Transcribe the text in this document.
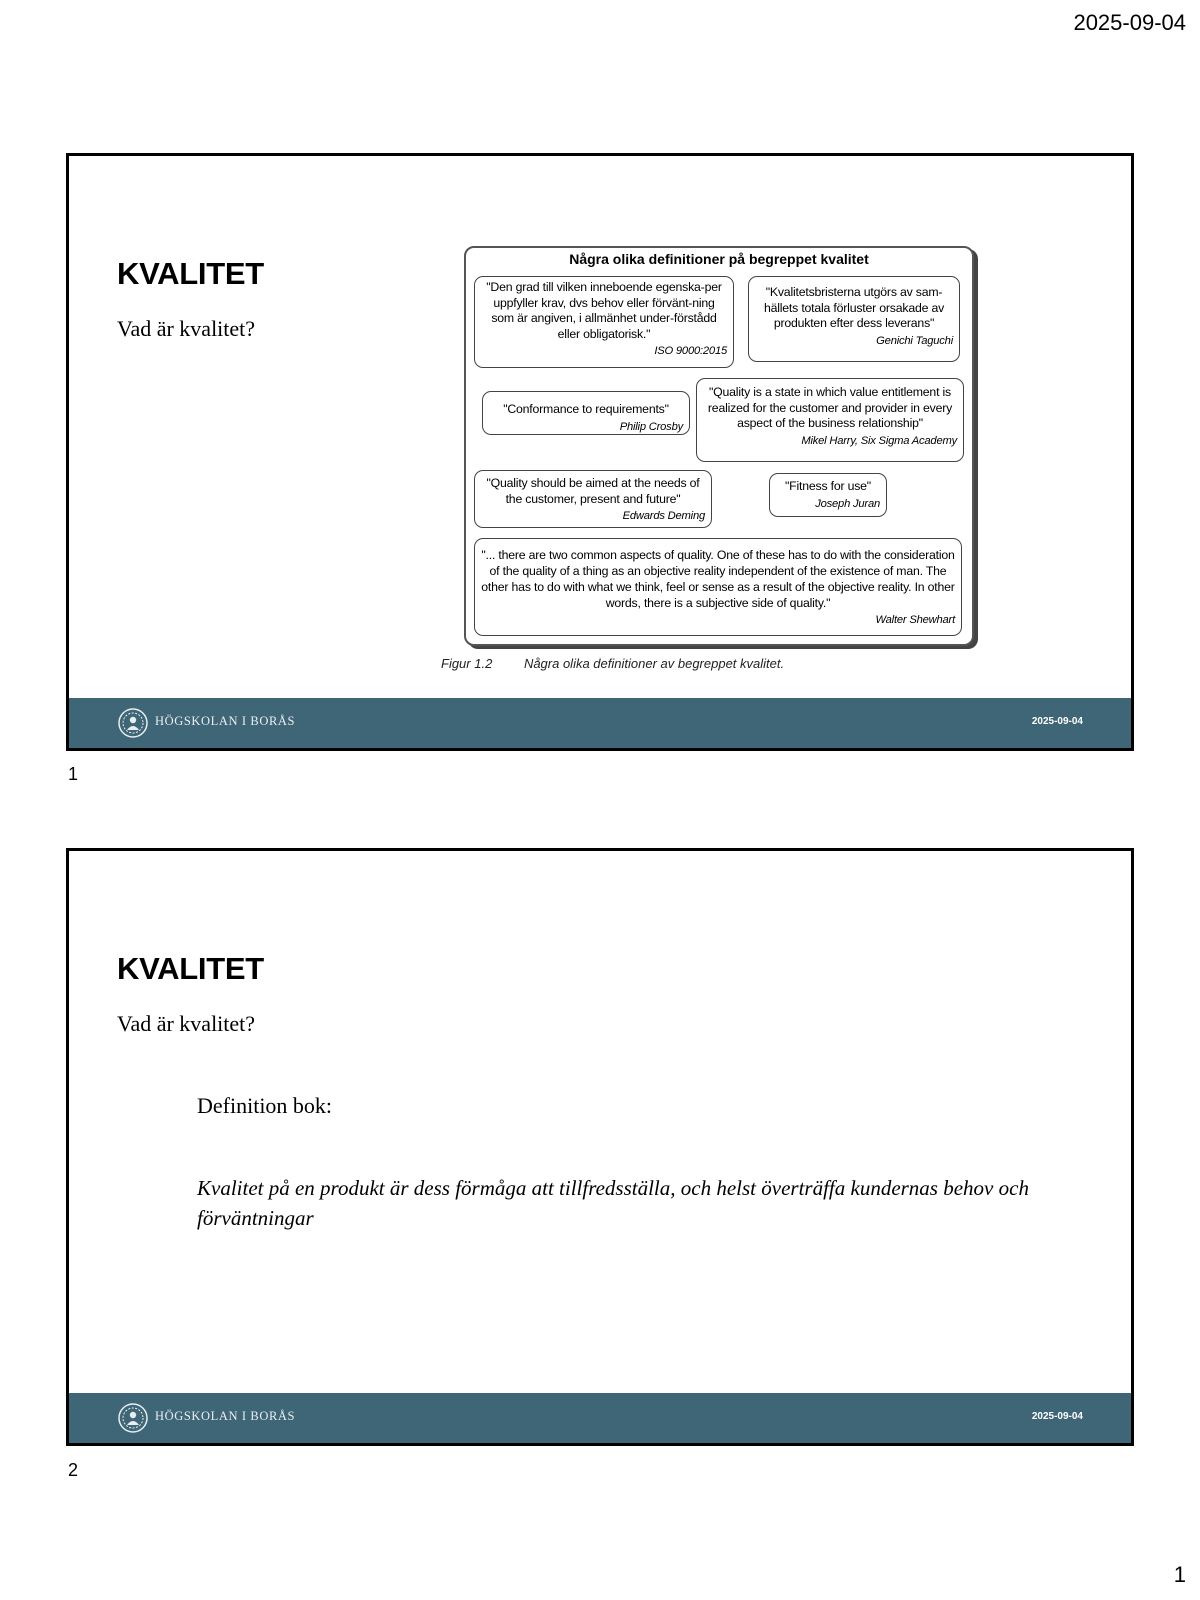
2025-09-04
KVALITET
Vad är kvalitet?
Några olika definitioner på begreppet kvalitet
"Den grad till vilken inneboende egenska-per uppfyller krav, dvs behov eller förvänt-ning som är angiven, i allmänhet under-förstådd eller obligatorisk."
ISO 9000:2015
"Kvalitetsbristerna utgörs av sam-hällets totala förluster orsakade av produkten efter dess leverans"
Genichi Taguchi
"Conformance to requirements"
Philip Crosby
"Quality is a state in which value entitlement is realized for the customer and provider in every aspect of the business relationship"
Mikel Harry, Six Sigma Academy
"Quality should be aimed at the needs of the customer, present and future"
Edwards Deming
"Fitness for use"
Joseph Juran
"... there are two common aspects of quality. One of these has to do with the consideration of the quality of a thing as an objective reality independent of the existence of man. The other has to do with what we think, feel or sense as a result of the objective reality. In other words, there is a subjective side of quality."
Walter Shewhart
Figur 1.2 Några olika definitioner av begreppet kvalitet.
HÖGSKOLAN I BORÅS	2025-09-04
1
KVALITET
Vad är kvalitet?
Definition bok:
Kvalitet på en produkt är dess förmåga att tillfredsställa, och helst överträffa kundernas behov och förväntningar
HÖGSKOLAN I BORÅS	2025-09-04
2
1
